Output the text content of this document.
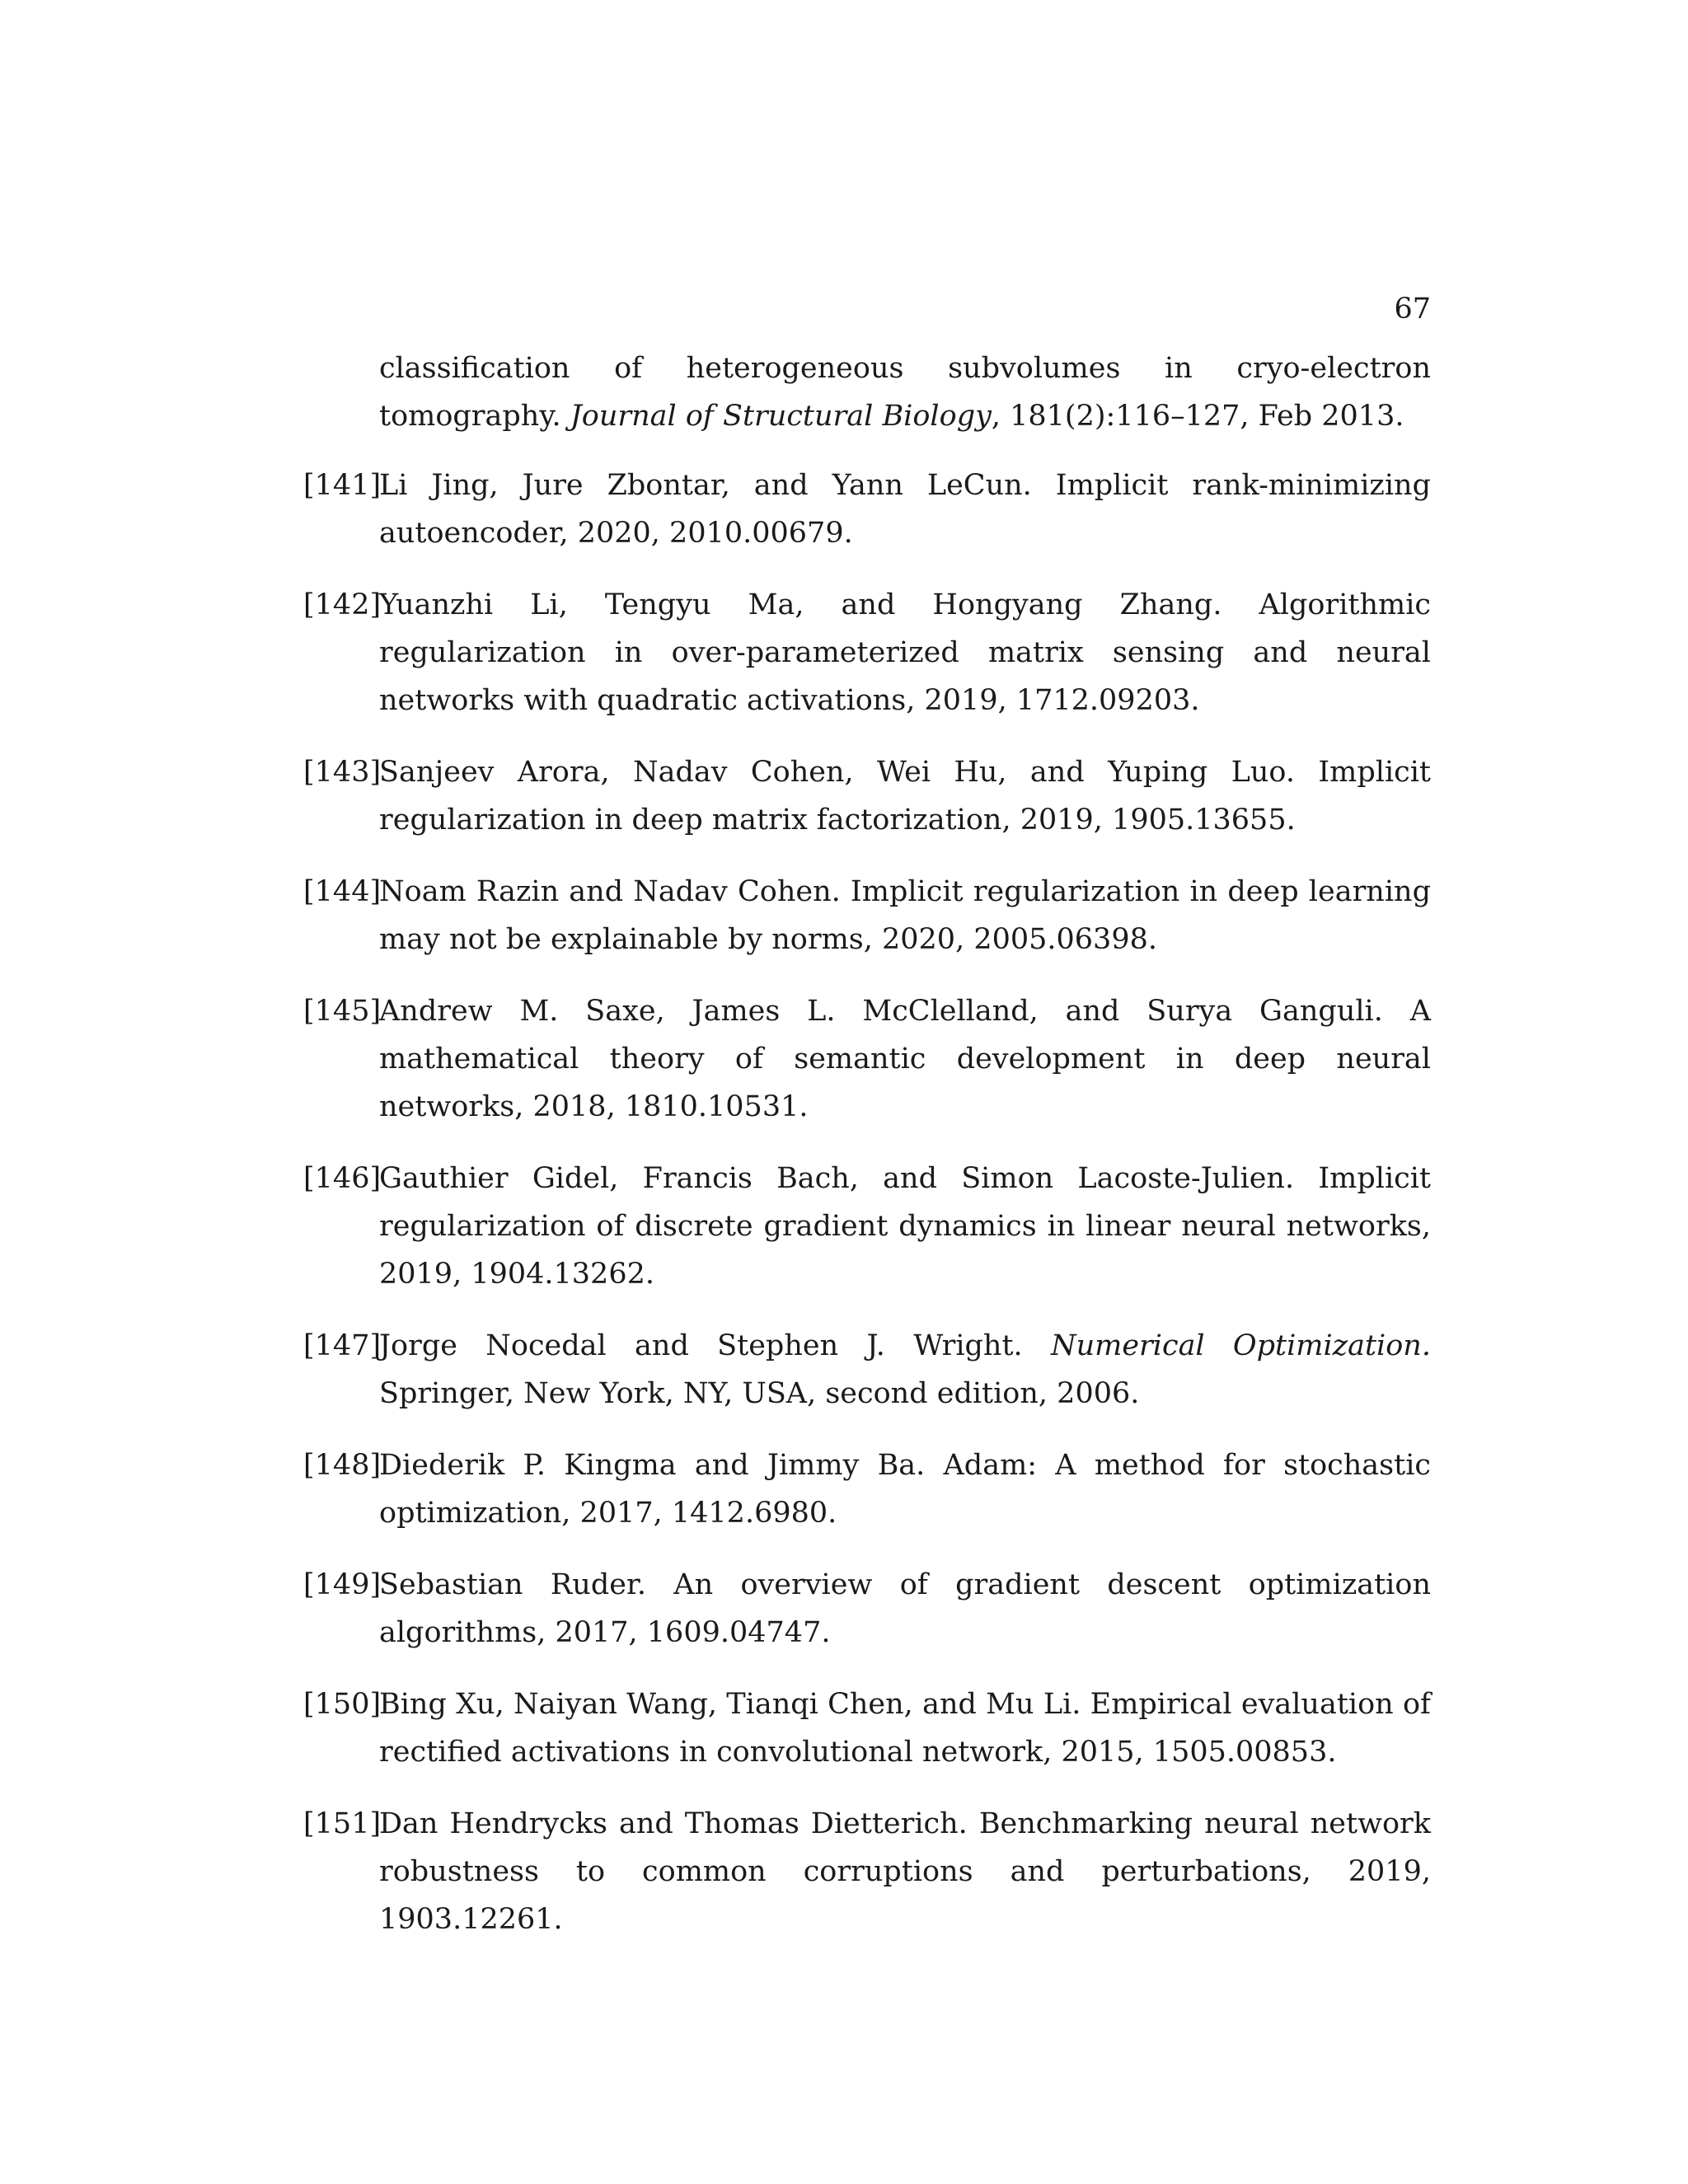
67
classification of heterogeneous subvolumes in cryo-electron tomography. Journal of Structural Biology, 181(2):116–127, Feb 2013.
[141]
Li Jing, Jure Zbontar, and Yann LeCun. Implicit rank-minimizing autoencoder, 2020, 2010.00679.
[142]
Yuanzhi Li, Tengyu Ma, and Hongyang Zhang. Algorithmic regularization in over-parameterized matrix sensing and neural networks with quadratic activations, 2019, 1712.09203.
[143]
Sanjeev Arora, Nadav Cohen, Wei Hu, and Yuping Luo. Implicit regularization in deep matrix factorization, 2019, 1905.13655.
[144]
Noam Razin and Nadav Cohen. Implicit regularization in deep learning may not be explainable by norms, 2020, 2005.06398.
[145]
Andrew M. Saxe, James L. McClelland, and Surya Ganguli. A mathematical theory of semantic development in deep neural networks, 2018, 1810.10531.
[146]
Gauthier Gidel, Francis Bach, and Simon Lacoste-Julien. Implicit regularization of discrete gradient dynamics in linear neural networks, 2019, 1904.13262.
[147]
Jorge Nocedal and Stephen J. Wright. Numerical Optimization. Springer, New York, NY, USA, second edition, 2006.
[148]
Diederik P. Kingma and Jimmy Ba. Adam: A method for stochastic optimization, 2017, 1412.6980.
[149]
Sebastian Ruder. An overview of gradient descent optimization algorithms, 2017, 1609.04747.
[150]
Bing Xu, Naiyan Wang, Tianqi Chen, and Mu Li. Empirical evaluation of rectified activations in convolutional network, 2015, 1505.00853.
[151]
Dan Hendrycks and Thomas Dietterich. Benchmarking neural network robustness to common corruptions and perturbations, 2019, 1903.12261.
